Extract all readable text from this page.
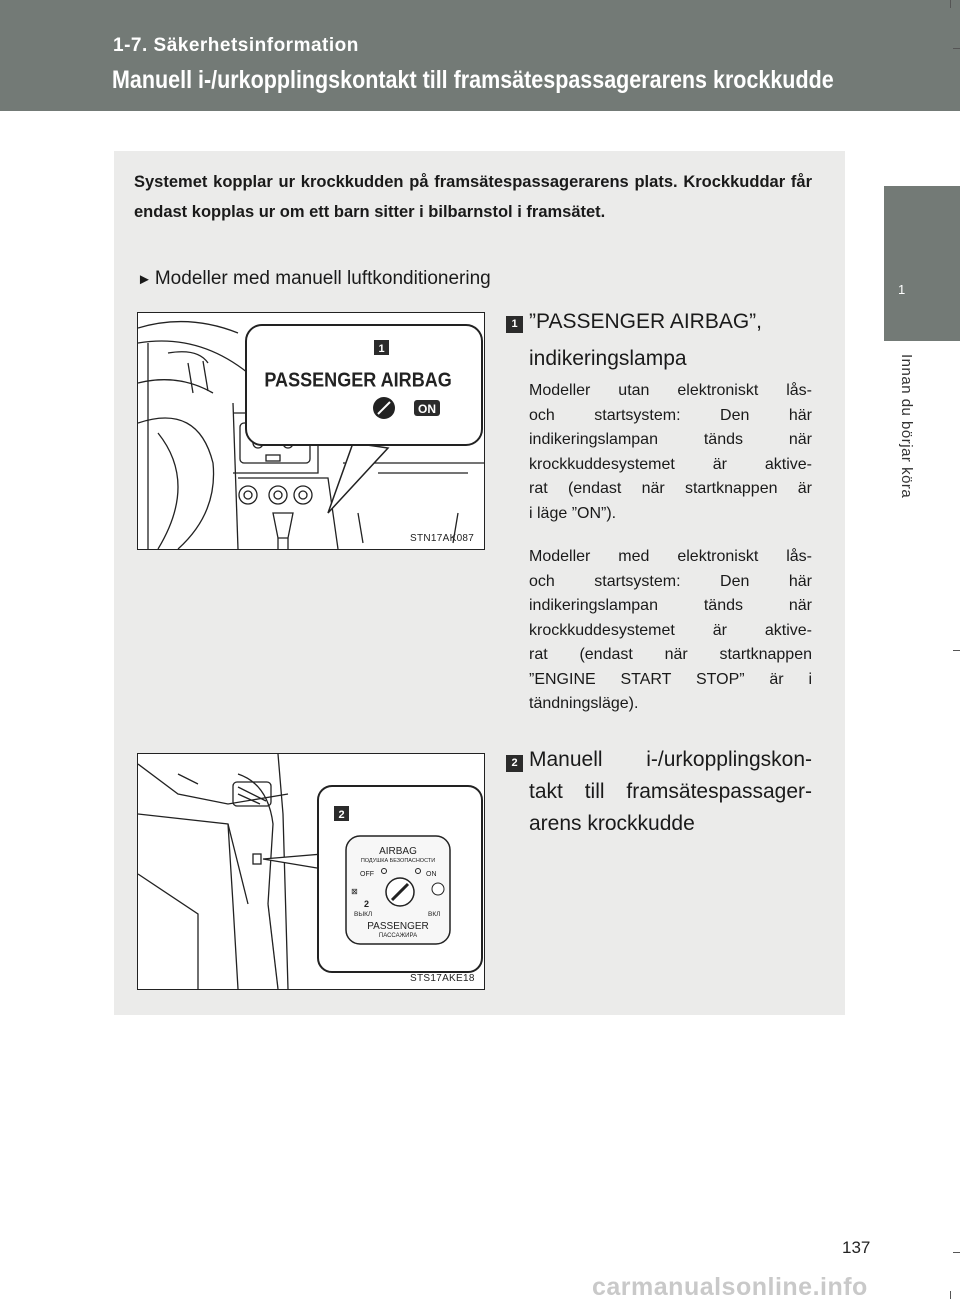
1-7. Säkerhetsinformation
Manuell i-/urkopplingskontakt till framsätespassagerarens krockkudde
1
Innan du börjar köra
Systemet kopplar ur krockkudden på framsätespassagerarens plats. Krockkuddar får endast kopplas ur om ett barn sitter i bilbarnstol i framsätet.
► Modeller med manuell luftkonditionering
1
PASSENGER AIRBAG
ON
STN17AK087
2
AIRBAG
ПОДУШКА БЕЗОПАСНОСТИ
OFF	ON
⊠
2
ВЫКЛ	ВКЛ
PASSENGER
ПАССАЖИРА
STS17AKE18
1 ”PASSENGER AIRBAG”,
indikeringslampa
Modeller utan elektroniskt lås-
och startsystem: Den här
indikeringslampan tänds när
krockkuddesystemet är aktive-
rat (endast när startknappen är
i läge ”ON”).
Modeller med elektroniskt lås-
och startsystem: Den här
indikeringslampan tänds när
krockkuddesystemet är aktive-
rat (endast när startknappen
”ENGINE START STOP” är i
tändningsläge).
2 Manuell i-/urkopplingskon-
takt till framsätespassager-
arens krockkudde
137
carmanualsonline.info
